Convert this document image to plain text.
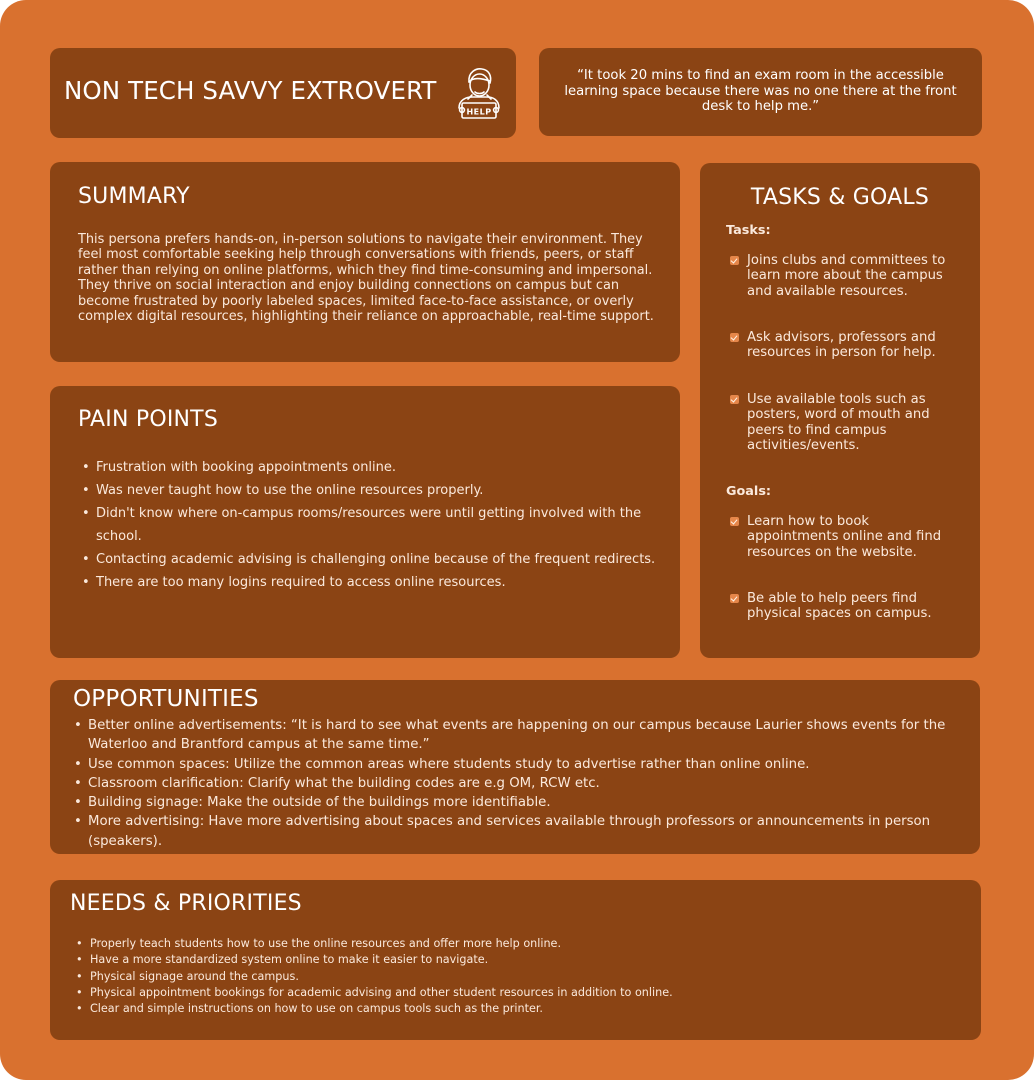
NON TECH SAVVY EXTROVERT
HELP
“It took 20 mins to find an exam room in the accessible learning space because there was no one there at the front desk to help me.”
SUMMARY
This persona prefers hands-on, in-person solutions to navigate their environment. They feel most comfortable seeking help through conversations with friends, peers, or staff rather than relying on online platforms, which they find time-consuming and impersonal. They thrive on social interaction and enjoy building connections on campus but can become frustrated by poorly labeled spaces, limited face-to-face assistance, or overly complex digital resources, highlighting their reliance on approachable, real-time support.
PAIN POINTS
• Frustration with booking appointments online.
• Was never taught how to use the online resources properly.
• Didn't know where on-campus rooms/resources were until getting involved with the school.
• Contacting academic advising is challenging online because of the frequent redirects.
• There are too many logins required to access online resources.
TASKS & GOALS
Tasks:
Joins clubs and committees to learn more about the campus and available resources.
Ask advisors, professors and resources in person for help.
Use available tools such as posters, word of mouth and peers to find campus activities/events.
Goals:
Learn how to book appointments online and find resources on the website.
Be able to help peers find physical spaces on campus.
OPPORTUNITIES
• Better online advertisements: “It is hard to see what events are happening on our campus because Laurier shows events for the Waterloo and Brantford campus at the same time.”
• Use common spaces: Utilize the common areas where students study to advertise rather than online online.
• Classroom clarification: Clarify what the building codes are e.g OM, RCW etc.
• Building signage: Make the outside of the buildings more identifiable.
• More advertising: Have more advertising about spaces and services available through professors or announcements in person (speakers).
NEEDS & PRIORITIES
• Properly teach students how to use the online resources and offer more help online.
• Have a more standardized system online to make it easier to navigate.
• Physical signage around the campus.
• Physical appointment bookings for academic advising and other student resources in addition to online.
• Clear and simple instructions on how to use on campus tools such as the printer.
